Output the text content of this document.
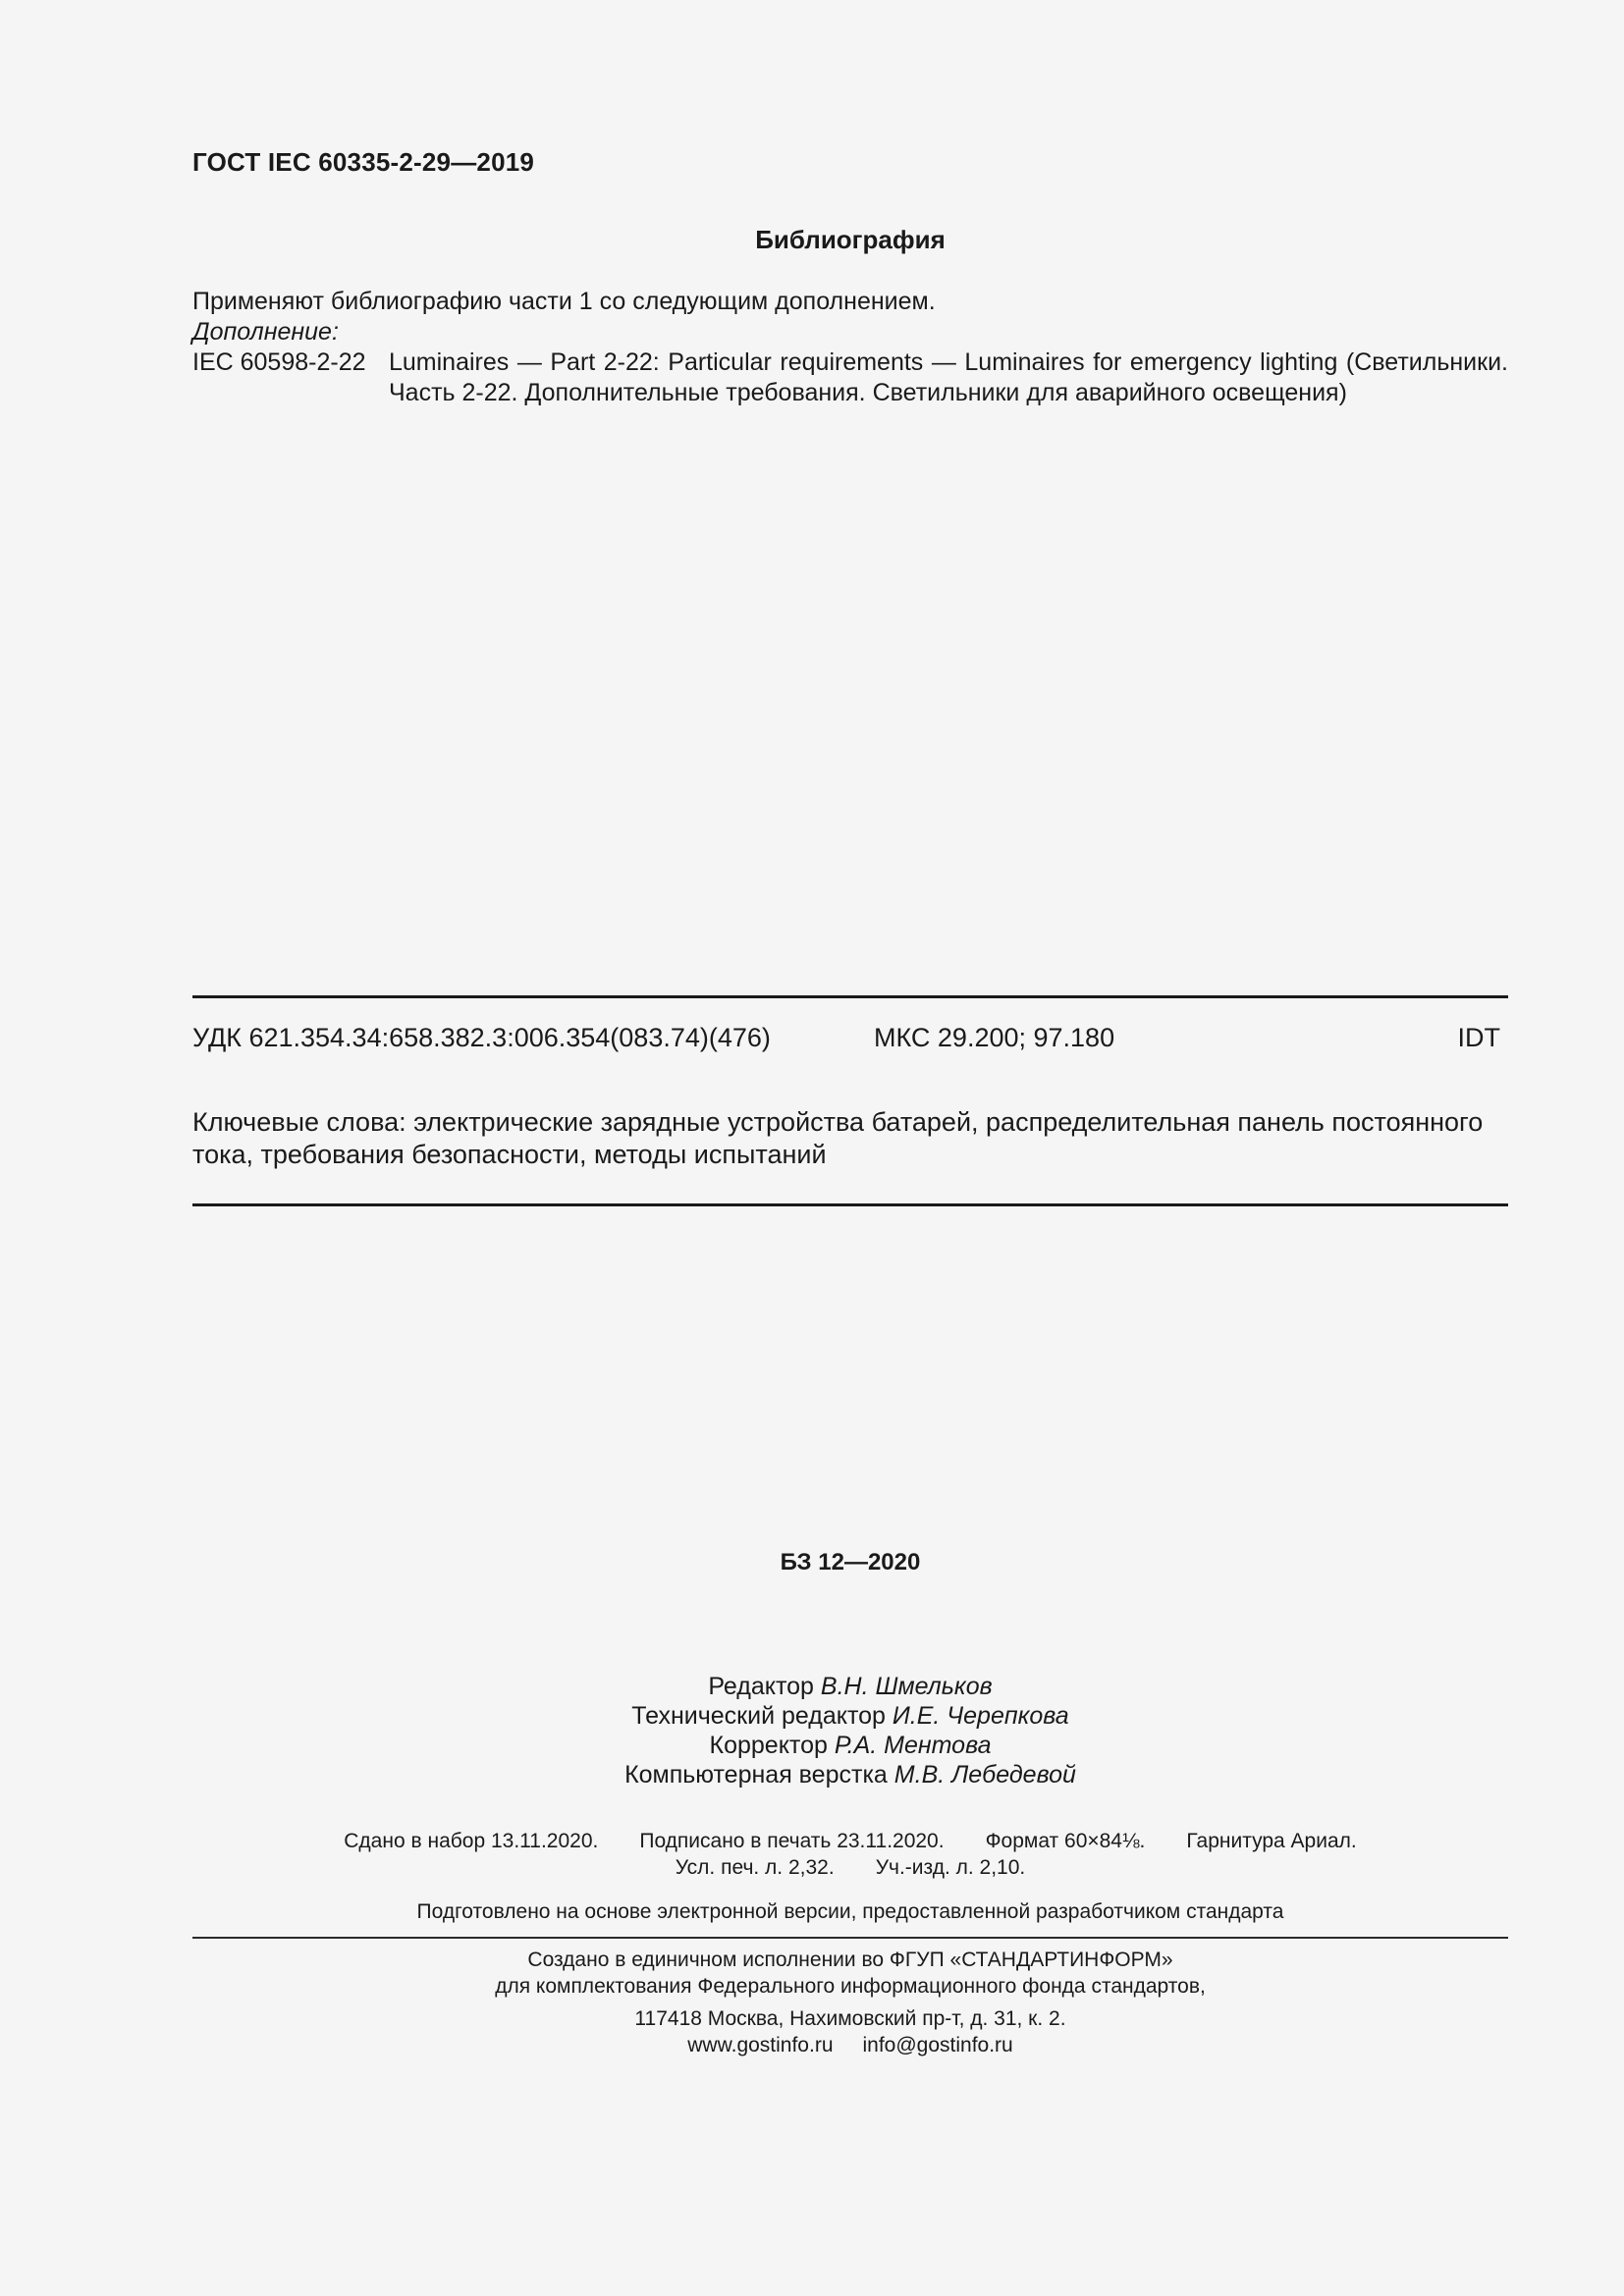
ГОСТ IEC 60335-2-29—2019
Библиография
Применяют библиографию части 1 со следующим дополнением.
Дополнение:
IEC 60598-2-22 Luminaires — Part 2-22: Particular requirements — Luminaires for emergency lighting (Светильники. Часть 2-22. Дополнительные требования. Светильники для аварийного освещения)
УДК 621.354.34:658.382.3:006.354(083.74)(476)	МКС 29.200; 97.180	IDT
Ключевые слова: электрические зарядные устройства батарей, распределительная панель постоянного тока, требования безопасности, методы испытаний
БЗ 12—2020
Редактор В.Н. Шмельков
Технический редактор И.Е. Черепкова
Корректор Р.А. Ментова
Компьютерная верстка М.В. Лебедевой
Сдано в набор 13.11.2020. Подписано в печать 23.11.2020. Формат 60×84⅛. Гарнитура Ариал.
Усл. печ. л. 2,32. Уч.-изд. л. 2,10.
Подготовлено на основе электронной версии, предоставленной разработчиком стандарта
Создано в единичном исполнении во ФГУП «СТАНДАРТИНФОРМ»
для комплектования Федерального информационного фонда стандартов,
117418 Москва, Нахимовский пр-т, д. 31, к. 2.
www.gostinfo.ru info@gostinfo.ru
